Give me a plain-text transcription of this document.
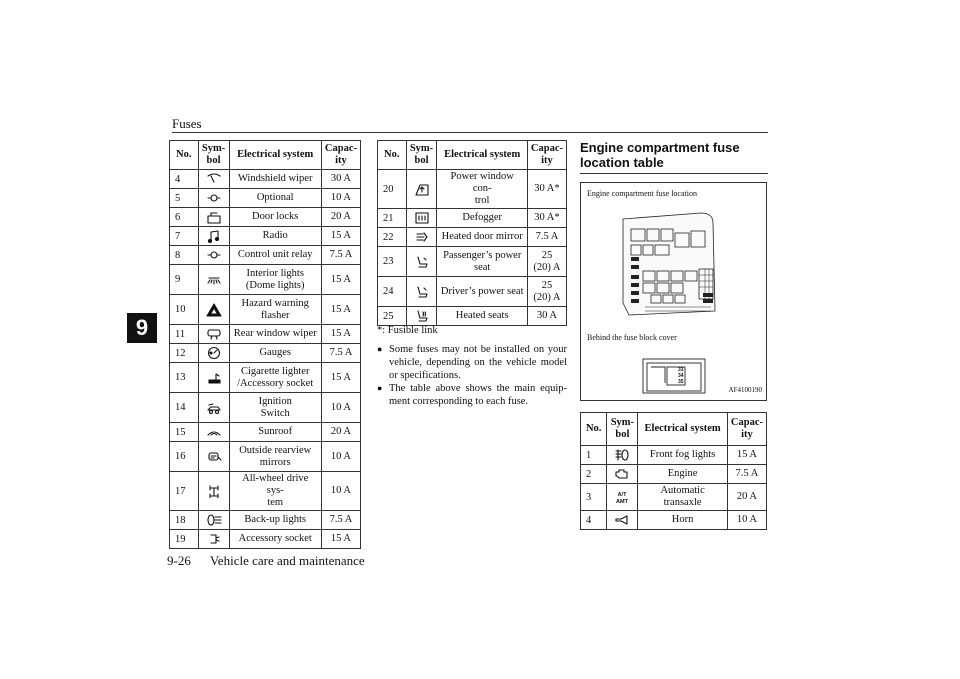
Fuses
9
No.	Sym-
bol	Electrical system	Capac-
ity
4		Windshield wiper	30 A
5		Optional	10 A
6		Door locks	20 A
7		Radio	15 A
8		Control unit relay	7.5 A
9		Interior lights
(Dome lights)	15 A
10		Hazard warning
flasher	15 A
11		Rear window wiper	15 A
12		Gauges	7.5 A
13		Cigarette lighter
/Accessory socket	15 A
14		Ignition
Switch	10 A
15		Sunroof	20 A
16		Outside rearview
mirrors	10 A
17		All-wheel drive sys-
tem	10 A
18		Back-up lights	7.5 A
19		Accessory socket	15 A
No.	Sym-
bol	Electrical system	Capac-
ity
20		Power window con-
trol	30 A*
21		Defogger	30 A*
22		Heated door mirror	7.5 A
23		Passenger’s power
seat	25
(20) A
24		Driver’s power seat	25
(20) A
25		Heated seats	30 A
*: Fusible link
● Some fuses may not be installed on your vehicle, depending on the vehicle model or specifications.
● The table above shows the main equip-ment corresponding to each fuse.
Engine compartment fuse location table
Engine compartment fuse location
33
34
35
Behind the fuse block cover
AF4100190
No.	Sym-
bol	Electrical system	Capac-
ity
1		Front fog lights	15 A
2		Engine	7.5 A
3	A/T
AMT	Automatic transaxle	20 A
4		Horn	10 A
9-26 Vehicle care and maintenance
